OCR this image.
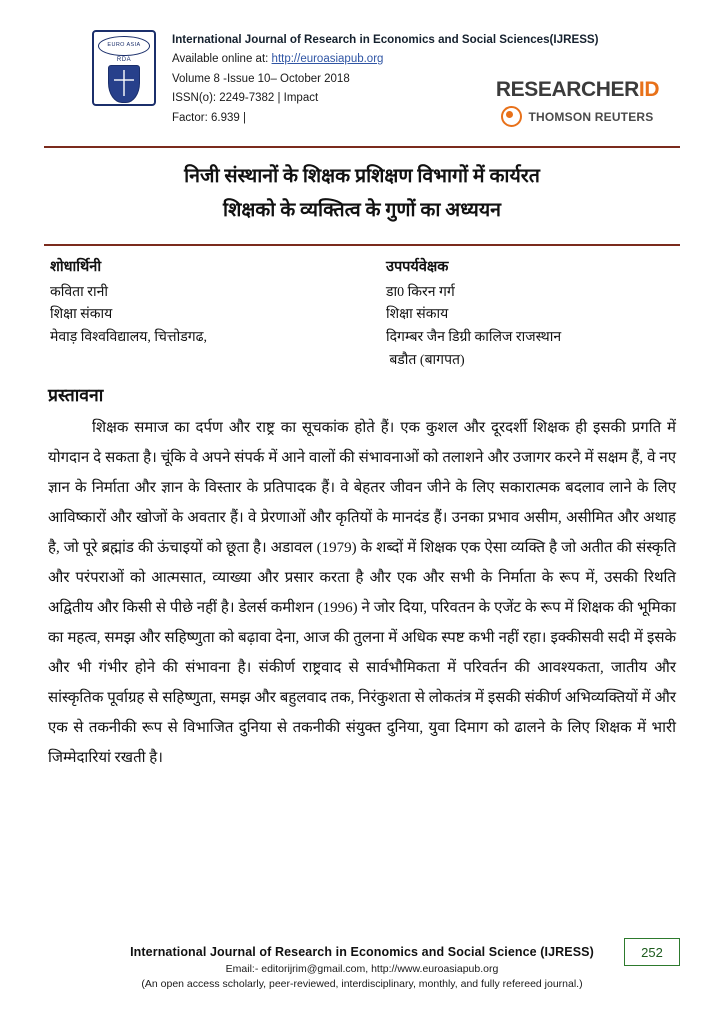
EURO ASIA
RDA
International Journal of Research in Economics and Social Sciences(IJRESS)
Available online at: http://euroasiapub.org
Volume 8 -Issue 10– October 2018
ISSN(o): 2249-7382 | Impact
Factor: 6.939 |
RESEARCHERID
THOMSON REUTERS
निजी संस्थानों के शिक्षक प्रशिक्षण विभागों में कार्यरत
शिक्षको के व्यक्तित्व के गुणों का अध्ययन
शोधार्थिनी
कविता रानी
शिक्षा संकाय
मेवाड़ विश्वविद्यालय, चित्तोडगढ,
उपपर्यवेक्षक
डा0 किरन गर्ग
शिक्षा संकाय
दिगम्बर जैन डिग्री कालिज राजस्थान
बडौत (बागपत)
प्रस्तावना

शिक्षक समाज का दर्पण और राष्ट्र का सूचकांक होते हैं। एक कुशल और दूरदर्शी शिक्षक ही इसकी प्रगति में योगदान दे सकता है। चूंकि वे अपने संपर्क में आने वालों की संभावनाओं को तलाशने और उजागर करने में सक्षम हैं, वे नए ज्ञान के निर्माता और ज्ञान के विस्तार के प्रतिपादक हैं। वे बेहतर जीवन जीने के लिए सकारात्मक बदलाव लाने के लिए आविष्कारों और खोजों के अवतार हैं। वे प्रेरणाओं और कृतियों के मानदंड हैं। उनका प्रभाव असीम, असीमित और अथाह है, जो पूरे ब्रह्मांड की ऊंचाइयों को छूता है। अडावल (1979) के शब्दों में शिक्षक एक ऐसा व्यक्ति है जो अतीत की संस्कृति और परंपराओं को आत्मसात, व्याख्या और प्रसार करता है और एक और सभी के निर्माता के रूप में, उसकी रिथति अद्वितीय और किसी से पीछे नहीं है। डेलर्स कमीशन (1996) ने जोर दिया, परिवतन के एजेंट के रूप में शिक्षक की भूमिका का महत्व, समझ और सहिष्णुता को बढ़ावा देना, आज की तुलना में अधिक स्पष्ट कभी नहीं रहा। इक्कीसवी सदी में इसके और भी गंभीर होने की संभावना है। संकीर्ण राष्ट्रवाद से सार्वभौमिकता में परिवर्तन की आवश्यकता, जातीय और सांस्कृतिक पूर्वाग्रह से सहिष्णुता, समझ और बहुलवाद तक, निरंकुशता से लोकतंत्र में इसकी संकीर्ण अभिव्यक्तियों में और एक से तकनीकी रूप से विभाजित दुनिया से तकनीकी संयुक्त दुनिया, युवा दिमाग को ढालने के लिए शिक्षक में भारी जिम्मेदारियां रखती है।

International Journal of Research in Economics and Social Science (IJRESS)
Email:- editorijrim@gmail.com, http://www.euroasiapub.org
(An open access scholarly, peer-reviewed, interdisciplinary, monthly, and fully refereed journal.)
252
